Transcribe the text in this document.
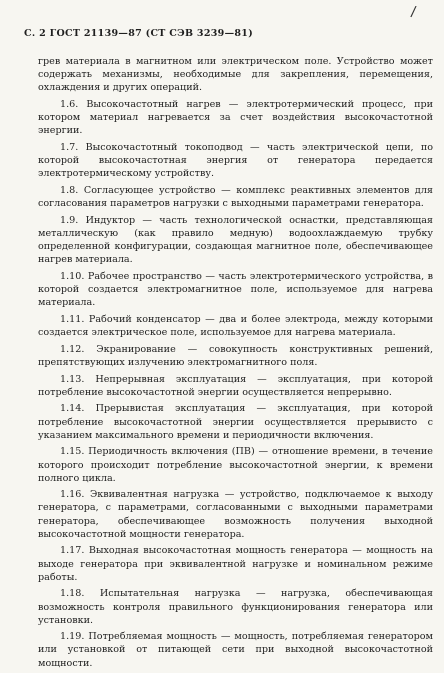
/
С. 2 ГОСТ 21139—87 (СТ СЭВ 3239—81)

грев материала в магнитном или электрическом поле. Устройство может содержать механизмы, необходимые для закрепления, перемещения, охлаждения и других операций.

1.6. Высокочастотный нагрев — электротермический процесс, при котором материал нагревается за счет воздействия высокочастотной энергии.

1.7. Высокочастотный токоподвод — часть электрической цепи, по которой высокочастотная энергия от генератора передается электротермическому устройству.

1.8. Согласующее устройство — комплекс реактивных элементов для согласования параметров нагрузки с выходными параметрами генератора.

1.9. Индуктор — часть технологической оснастки, представляющая металлическую (как правило медную) водоохлаждаемую трубку определенной конфигурации, создающая магнитное поле, обеспечивающее нагрев материала.

1.10. Рабочее пространство — часть электротермического устройства, в которой создается электромагнитное поле, используемое для нагрева материала.

1.11. Рабочий конденсатор — два и более электрода, между которыми создается электрическое поле, используемое для нагрева материала.

1.12. Экранирование — совокупность конструктивных решений, препятствующих излучению электромагнитного поля.

1.13. Непрерывная эксплуатация — эксплуатация, при которой потребление высокочастотной энергии осуществляется непрерывно.

1.14. Прерывистая эксплуатация — эксплуатация, при которой потребление высокочастотной энергии осуществляется прерывисто с указанием максимального времени и периодичности включения.

1.15. Периодичность включения (ПВ) — отношение времени, в течение которого происходит потребление высокочастотной энергии, к времени полного цикла.

1.16. Эквивалентная нагрузка — устройство, подключаемое к выходу генератора, с параметрами, согласованными с выходными параметрами генератора, обеспечивающее возможность получения выходной высокочастотной мощности генератора.

1.17. Выходная высокочастотная мощность генератора — мощность на выходе генератора при эквивалентной нагрузке и номинальном режиме работы.

1.18. Испытательная нагрузка — нагрузка, обеспечивающая возможность контроля правильного функционирования генератора или установки.

1.19. Потребляемая мощность — мощность, потребляемая генератором или установкой от питающей сети при выходной высокочастотной мощности.
